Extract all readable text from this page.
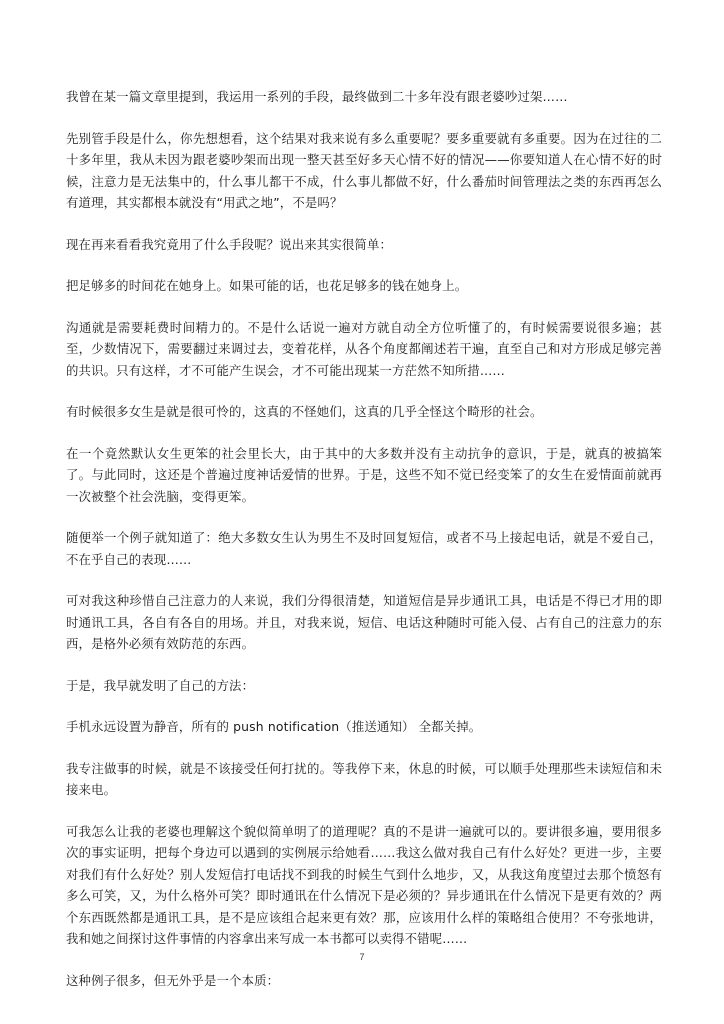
我曾在某一篇文章里提到，我运用一系列的手段，最终做到二十多年没有跟老婆吵过架……

先别管手段是什么，你先想想看，这个结果对我来说有多么重要呢？要多重要就有多重要。因为在过往的二十多年里，我从未因为跟老婆吵架而出现一整天甚至好多天心情不好的情况——你要知道人在心情不好的时候，注意力是无法集中的，什么事儿都干不成，什么事儿都做不好，什么番茄时间管理法之类的东西再怎么有道理，其实都根本就没有“用武之地”，不是吗？

现在再来看看我究竟用了什么手段呢？说出来其实很简单：

把足够多的时间花在她身上。如果可能的话，也花足够多的钱在她身上。

沟通就是需要耗费时间精力的。不是什么话说一遍对方就自动全方位听懂了的，有时候需要说很多遍；甚至，少数情况下，需要翻过来调过去，变着花样，从各个角度都阐述若干遍，直至自己和对方形成足够完善的共识。只有这样，才不可能产生误会，才不可能出现某一方茫然不知所措……

有时候很多女生是就是很可怜的，这真的不怪她们，这真的几乎全怪这个畸形的社会。

在一个竟然默认女生更笨的社会里长大，由于其中的大多数并没有主动抗争的意识，于是，就真的被搞笨了。与此同时，这还是个普遍过度神话爱情的世界。于是，这些不知不觉已经变笨了的女生在爱情面前就再一次被整个社会洗脑，变得更笨。

随便举一个例子就知道了：绝大多数女生认为男生不及时回复短信，或者不马上接起电话，就是不爱自己，不在乎自己的表现……

可对我这种珍惜自己注意力的人来说，我们分得很清楚，知道短信是异步通讯工具，电话是不得已才用的即时通讯工具，各自有各自的用场。并且，对我来说，短信、电话这种随时可能入侵、占有自己的注意力的东西，是格外必须有效防范的东西。

于是，我早就发明了自己的方法：

手机永远设置为静音，所有的 push notification（推送通知） 全都关掉。

我专注做事的时候，就是不该接受任何打扰的。等我停下来，休息的时候，可以顺手处理那些未读短信和未接来电。

可我怎么让我的老婆也理解这个貌似简单明了的道理呢？真的不是讲一遍就可以的。要讲很多遍，要用很多次的事实证明，把每个身边可以遇到的实例展示给她看……我这么做对我自己有什么好处？更进一步，主要对我们有什么好处？别人发短信打电话找不到我的时候生气到什么地步，又，从我这角度望过去那个愤怒有多么可笑，又，为什么格外可笑？即时通讯在什么情况下是必须的？异步通讯在什么情况下是更有效的？两个东西既然都是通讯工具，是不是应该组合起来更有效？那，应该用什么样的策略组合使用？不夸张地讲，我和她之间探讨这件事情的内容拿出来写成一本书都可以卖得不错呢……

这种例子很多，但无外乎是一个本质：

7
